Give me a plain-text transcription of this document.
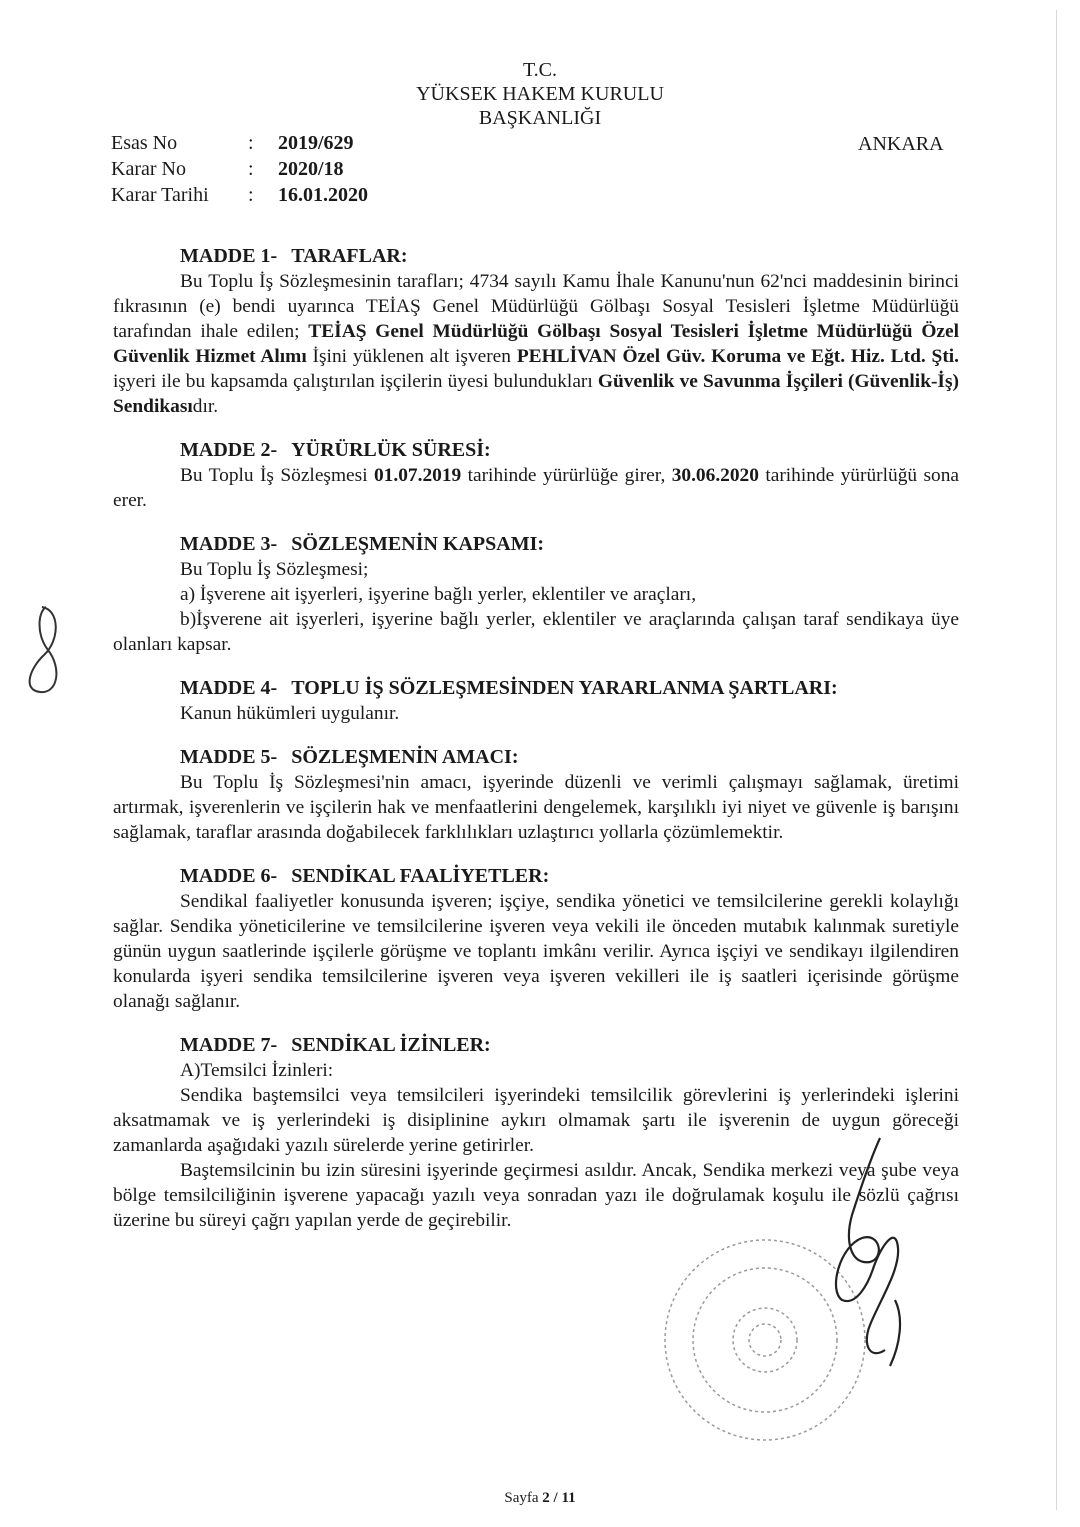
T.C.
YÜKSEK HAKEM KURULU
BAŞKANLIĞI
Esas No	:	2019/629
Karar No	:	2020/18
Karar Tarihi	:	16.01.2020
ANKARA
MADDE 1- TARAFLAR:

Bu Toplu İş Sözleşmesinin tarafları; 4734 sayılı Kamu İhale Kanunu'nun 62'nci maddesinin birinci fıkrasının (e) bendi uyarınca TEİAŞ Genel Müdürlüğü Gölbaşı Sosyal Tesisleri İşletme Müdürlüğü tarafından ihale edilen; TEİAŞ Genel Müdürlüğü Gölbaşı Sosyal Tesisleri İşletme Müdürlüğü Özel Güvenlik Hizmet Alımı İşini yüklenen alt işveren PEHLİVAN Özel Güv. Koruma ve Eğt. Hiz. Ltd. Şti. işyeri ile bu kapsamda çalıştırılan işçilerin üyesi bulundukları Güvenlik ve Savunma İşçileri (Güvenlik-İş) Sendikasıdır.

MADDE 2- YÜRÜRLÜK SÜRESİ:

Bu Toplu İş Sözleşmesi 01.07.2019 tarihinde yürürlüğe girer, 30.06.2020 tarihinde yürürlüğü sona erer.

MADDE 3- SÖZLEŞMENİN KAPSAMI:

Bu Toplu İş Sözleşmesi;

a) İşverene ait işyerleri, işyerine bağlı yerler, eklentiler ve araçları,

b)İşverene ait işyerleri, işyerine bağlı yerler, eklentiler ve araçlarında çalışan taraf sendikaya üye olanları kapsar.

MADDE 4- TOPLU İŞ SÖZLEŞMESİNDEN YARARLANMA ŞARTLARI:

Kanun hükümleri uygulanır.

MADDE 5- SÖZLEŞMENİN AMACI:

Bu Toplu İş Sözleşmesi'nin amacı, işyerinde düzenli ve verimli çalışmayı sağlamak, üretimi artırmak, işverenlerin ve işçilerin hak ve menfaatlerini dengelemek, karşılıklı iyi niyet ve güvenle iş barışını sağlamak, taraflar arasında doğabilecek farklılıkları uzlaştırıcı yollarla çözümlemektir.

MADDE 6- SENDİKAL FAALİYETLER:

Sendikal faaliyetler konusunda işveren; işçiye, sendika yönetici ve temsilcilerine gerekli kolaylığı sağlar. Sendika yöneticilerine ve temsilcilerine işveren veya vekili ile önceden mutabık kalınmak suretiyle günün uygun saatlerinde işçilerle görüşme ve toplantı imkânı verilir. Ayrıca işçiyi ve sendikayı ilgilendiren konularda işyeri sendika temsilcilerine işveren veya işveren vekilleri ile iş saatleri içerisinde görüşme olanağı sağlanır.

MADDE 7- SENDİKAL İZİNLER:

A)Temsilci İzinleri:

Sendika baştemsilci veya temsilcileri işyerindeki temsilcilik görevlerini iş yerlerindeki işlerini aksatmamak ve iş yerlerindeki iş disiplinine aykırı olmamak şartı ile işverenin de uygun göreceği zamanlarda aşağıdaki yazılı sürelerde yerine getirirler.

Baştemsilcinin bu izin süresini işyerinde geçirmesi asıldır. Ancak, Sendika merkezi veya şube veya bölge temsilciliğinin işverene yapacağı yazılı veya sonradan yazı ile doğrulamak koşulu ile sözlü çağrısı üzerine bu süreyi çağrı yapılan yerde de geçirebilir.

Sayfa 2 / 11
